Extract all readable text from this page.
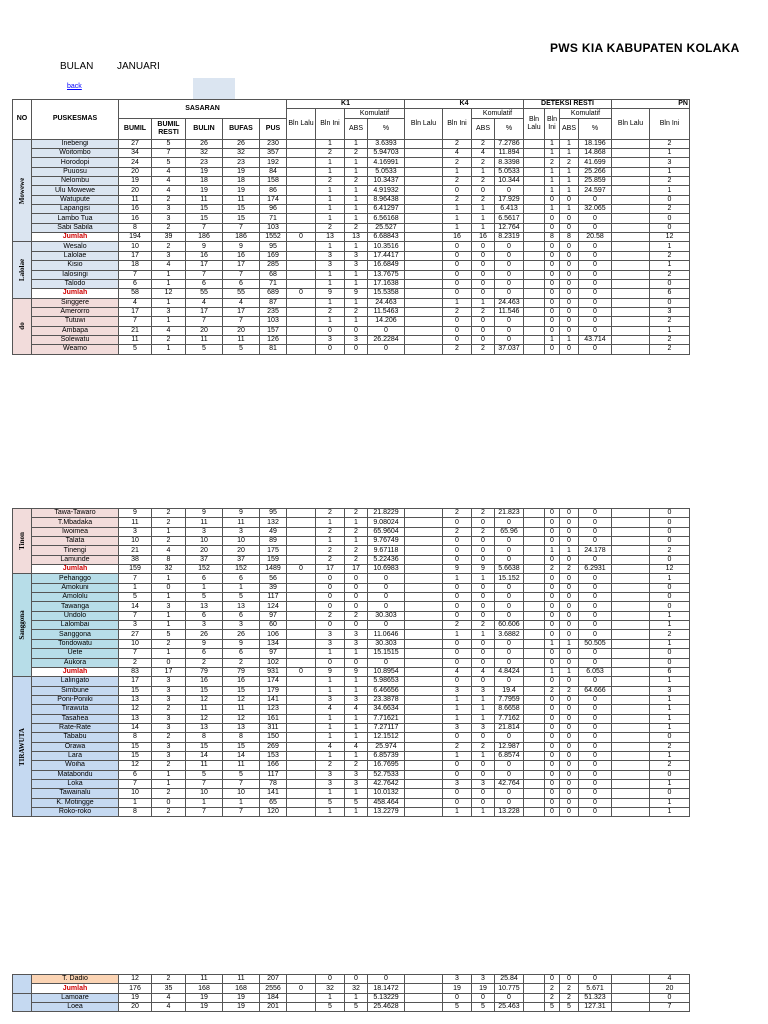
PWS KIA KABUPATEN KOLAKA
BULAN JANUARI
back
NO	PUSKESMAS	SASARAN					K1				K4				DETEKSI RESTI				PN	
							Bln Lalu	Bln Ini	Komulatif		Bln Lalu	Bln Ini	Komulatif		Bln Lalu	Bln Ini	Komulatif		Bln Lalu	Bln Ini
		BUMIL	BUMIL RESTI	BULIN	BUFAS	PUS			ABS	%			ABS	%			ABS	%		

Mowewe	Inebengi	27	5	26	26	230		1	1	3.6393		2	2	7.2786		1	1	18.196		2
	Woitombo	34	7	32	32	357		2	2	5.94703		4	4	11.894		1	1	14.868		1
	Horodopi	24	5	23	23	192		1	1	4.16991		2	2	8.3398		2	2	41.699		3
	Puuosu	20	4	19	19	84		1	1	5.0533		1	1	5.0533		1	1	25.266		1
	Nelombu	19	4	18	18	158		2	2	10.3437		2	2	10.344		1	1	25.859		2
	Ulu Mowewe	20	4	19	19	86		1	1	4.91932		0	0	0		1	1	24.597		1
	Watupute	11	2	11	11	174		1	1	8.96438		2	2	17.929		0	0	0		0
	Lapangisi	16	3	15	15	96		1	1	6.41297		1	1	6.413		1	1	32.065		2
	Lambo Tua	16	3	15	15	71		1	1	6.56168		1	1	6.5617		0	0	0		0
	Sabi Sabila	8	2	7	7	103		2	2	25.527		1	1	12.764		0	0	0		0
	Jumlah	194	39	186	186	1552	0	13	13	6.68843		16	16	8.2319		8	8	20.58		12

Lalolae	Wesalo	10	2	9	9	95		1	1	10.3516		0	0	0		0	0	0		1
	Lalolae	17	3	16	16	169		3	3	17.4417		0	0	0		0	0	0		2
	Kisio	18	4	17	17	285		3	3	16.6849		0	0	0		0	0	0		1
	Ialosingi	7	1	7	7	68		1	1	13.7675		0	0	0		0	0	0		2
	Talodo	6	1	6	6	71		1	1	17.1638		0	0	0		0	0	0		0
	Jumlah	58	12	55	55	689	0	9	9	15.5358		0	0	0		0	0	0		6

do	Singgere	4	1	4	4	87		1	1	24.463		1	1	24.463		0	0	0		0
	Amerorro	17	3	17	17	235		2	2	11.5463		2	2	11.546		0	0	0		3
	Tutuwi	7	1	7	7	103		1	1	14.206		0	0	0		0	0	0		2
	Ambapa	21	4	20	20	157		0	0	0		0	0	0		0	0	0		1
	Solewatu	11	2	11	11	126		3	3	26.2284		0	0	0		1	1	43.714		2
	Weamo	5	1	5	5	81		0	0	0		2	2	37.037		0	0	0		2
Tinon	Tawa-Tawaro	9	2	9	9	95		2	2	21.8229		2	2	21.823		0	0	0		0
	T.Mbadaka	11	2	11	11	132		1	1	9.08024		0	0	0		0	0	0		0
	Iwoimea	3	1	3	3	49		2	2	65.9604		2	2	65.96		0	0	0		0
	Talata	10	2	10	10	89		1	1	9.76749		0	0	0		0	0	0		0
	Tinengi	21	4	20	20	175		2	2	9.67118		0	0	0		1	1	24.178		2
	Lamunde	38	8	37	37	159		2	2	5.22436		0	0	0		0	0	0		0
	Jumlah	159	32	152	152	1489	0	17	17	10.6983		9	9	5.6638		2	2	6.2931		12

Sanggona	Pehanggo	7	1	6	6	56		0	0	0		1	1	15.152		0	0	0		1
	Amokuni	1	0	1	1	39		0	0	0		0	0	0		0	0	0		0
	Amololu	5	1	5	5	117		0	0	0		0	0	0		0	0	0		0
	Tawanga	14	3	13	13	124		0	0	0		0	0	0		0	0	0		0
	Undolo	7	1	6	6	97		2	2	30.303		0	0	0		0	0	0		1
	Lalombai	3	1	3	3	60		0	0	0		2	2	60.606		0	0	0		1
	Sanggona	27	5	26	26	106		3	3	11.0646		1	1	3.6882		0	0	0		2
	Tondowatu	10	2	9	9	134		3	3	30.303		0	0	0		1	1	50.505		1
	Uete	7	1	6	6	97		1	1	15.1515		0	0	0		0	0	0		0
	Aukora	2	0	2	2	102		0	0	0		0	0	0		0	0	0		0
	Jumlah	83	17	79	79	931	0	9	9	10.8954		4	4	4.8424		1	1	6.053		6

TIRAWUTA	Lalingato	17	3	16	16	174		1	1	5.98653		0	0	0		0	0	0		1
	Simbune	15	3	15	15	179		1	1	6.46656		3	3	19.4		2	2	64.666		3
	Poni-Poniki	13	3	12	12	141		3	3	23.3878		1	1	7.7959		0	0	0		1
	Tirawuta	12	2	11	11	123		4	4	34.6634		1	1	8.6658		0	0	0		1
	Tasahea	13	3	12	12	161		1	1	7.71621		1	1	7.7162		0	0	0		1
	Rate-Rate	14	3	13	13	311		1	1	7.27117		3	3	21.814		0	0	0		1
	Tababu	8	2	8	8	150		1	1	12.1512		0	0	0		0	0	0		0
	Orawa	15	3	15	15	269		4	4	25.974		2	2	12.987		0	0	0		2
	Lara	15	3	14	14	153		1	1	6.85739		1	1	6.8574		0	0	0		1
	Woiha	12	2	11	11	166		2	2	16.7695		0	0	0		0	0	0		2
	Matabondu	6	1	5	5	117		3	3	52.7533		0	0	0		0	0	0		0
	Loka	7	1	7	7	78		3	3	42.7642		3	3	42.764		0	0	0		1
	Tawainalu	10	2	10	10	141		1	1	10.0132		0	0	0		0	0	0		0
	K. Motingge	1	0	1	1	65		5	5	458.464		0	0	0		0	0	0		1
	Roko-roko	8	2	7	7	120		1	1	13.2279		1	1	13.228		0	0	0		1
	T. Dadio	12	2	11	11	207		0	0	0		3	3	25.84		0	0	0		4
	Jumlah	176	35	168	168	2556	0	32	32	18.1472		19	19	10.775		2	2	5.671		20

	Lamoare	19	4	19	19	184		1	1	5.13229		0	0	0		2	2	51.323		0
	Loea	20	4	19	19	201		5	5	25.4628		5	5	25.463		5	5	127.31		7
